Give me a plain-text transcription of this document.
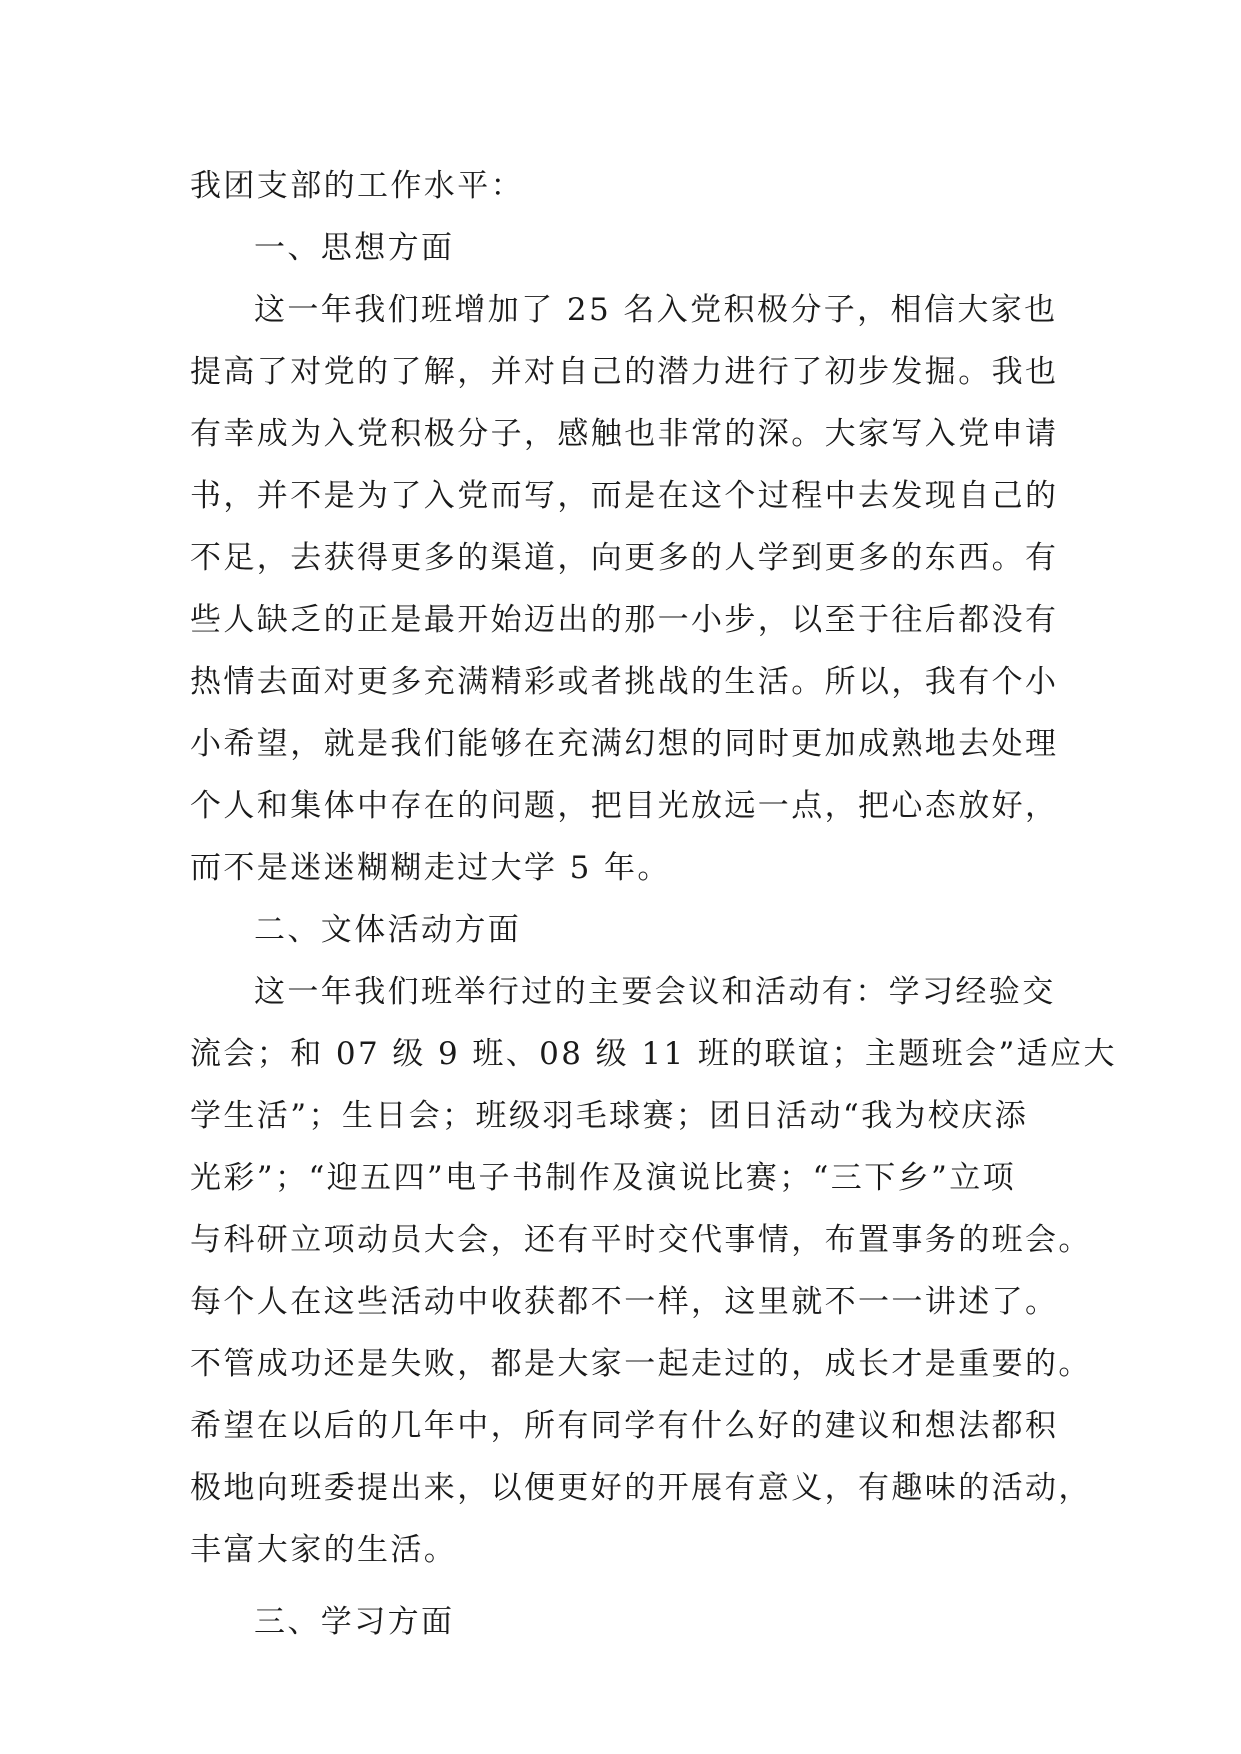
我团支部的工作水平：
一、思想方面
这一年我们班增加了 25 名入党积极分子，相信大家也
提高了对党的了解，并对自己的潜力进行了初步发掘。我也
有幸成为入党积极分子，感触也非常的深。大家写入党申请
书，并不是为了入党而写，而是在这个过程中去发现自己的
不足，去获得更多的渠道，向更多的人学到更多的东西。有
些人缺乏的正是最开始迈出的那一小步，以至于往后都没有
热情去面对更多充满精彩或者挑战的生活。所以，我有个小
小希望，就是我们能够在充满幻想的同时更加成熟地去处理
个人和集体中存在的问题，把目光放远一点，把心态放好，
而不是迷迷糊糊走过大学 5 年。
二、文体活动方面
这一年我们班举行过的主要会议和活动有：学习经验交
流会；和 07 级 9 班、08 级 11 班的联谊；主题班会”适应大
学生活”；生日会；班级羽毛球赛；团日活动“我为校庆添
光彩”；“迎五四”电子书制作及演说比赛；“三下乡”立项
与科研立项动员大会，还有平时交代事情，布置事务的班会。
每个人在这些活动中收获都不一样，这里就不一一讲述了。
不管成功还是失败，都是大家一起走过的，成长才是重要的。
希望在以后的几年中，所有同学有什么好的建议和想法都积
极地向班委提出来，以便更好的开展有意义，有趣味的活动，
丰富大家的生活。
三、学习方面
